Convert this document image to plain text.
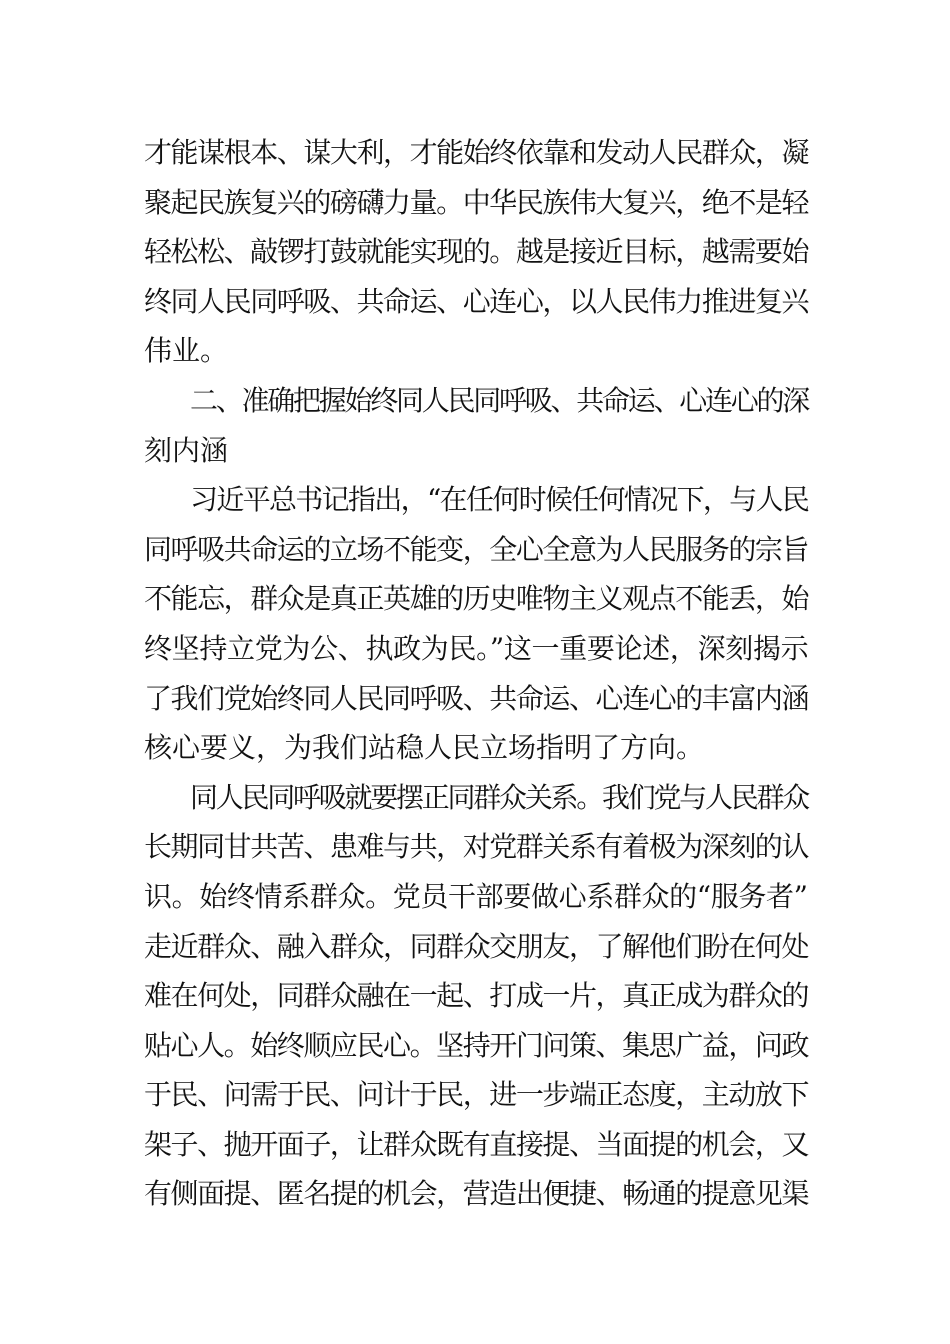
才能谋根本、谋大利，才能始终依靠和发动人民群众，凝
聚起民族复兴的磅礴力量。中华民族伟大复兴，绝不是轻
轻松松、敲锣打鼓就能实现的。越是接近目标，越需要始
终同人民同呼吸、共命运、心连心，以人民伟力推进复兴
伟业。
二、准确把握始终同人民同呼吸、共命运、心连心的深
刻内涵
习近平总书记指出，“在任何时候任何情况下，与人民
同呼吸共命运的立场不能变，全心全意为人民服务的宗旨
不能忘，群众是真正英雄的历史唯物主义观点不能丢，始
终坚持立党为公、执政为民。”这一重要论述，深刻揭示
了我们党始终同人民同呼吸、共命运、心连心的丰富内涵
核心要义，为我们站稳人民立场指明了方向。
同人民同呼吸就要摆正同群众关系。我们党与人民群众
长期同甘共苦、患难与共，对党群关系有着极为深刻的认
识。始终情系群众。党员干部要做心系群众的“服务者”
走近群众、融入群众，同群众交朋友，了解他们盼在何处
难在何处，同群众融在一起、打成一片，真正成为群众的
贴心人。始终顺应民心。坚持开门问策、集思广益，问政
于民、问需于民、问计于民，进一步端正态度，主动放下
架子、抛开面子，让群众既有直接提、当面提的机会，又
有侧面提、匿名提的机会，营造出便捷、畅通的提意见渠
